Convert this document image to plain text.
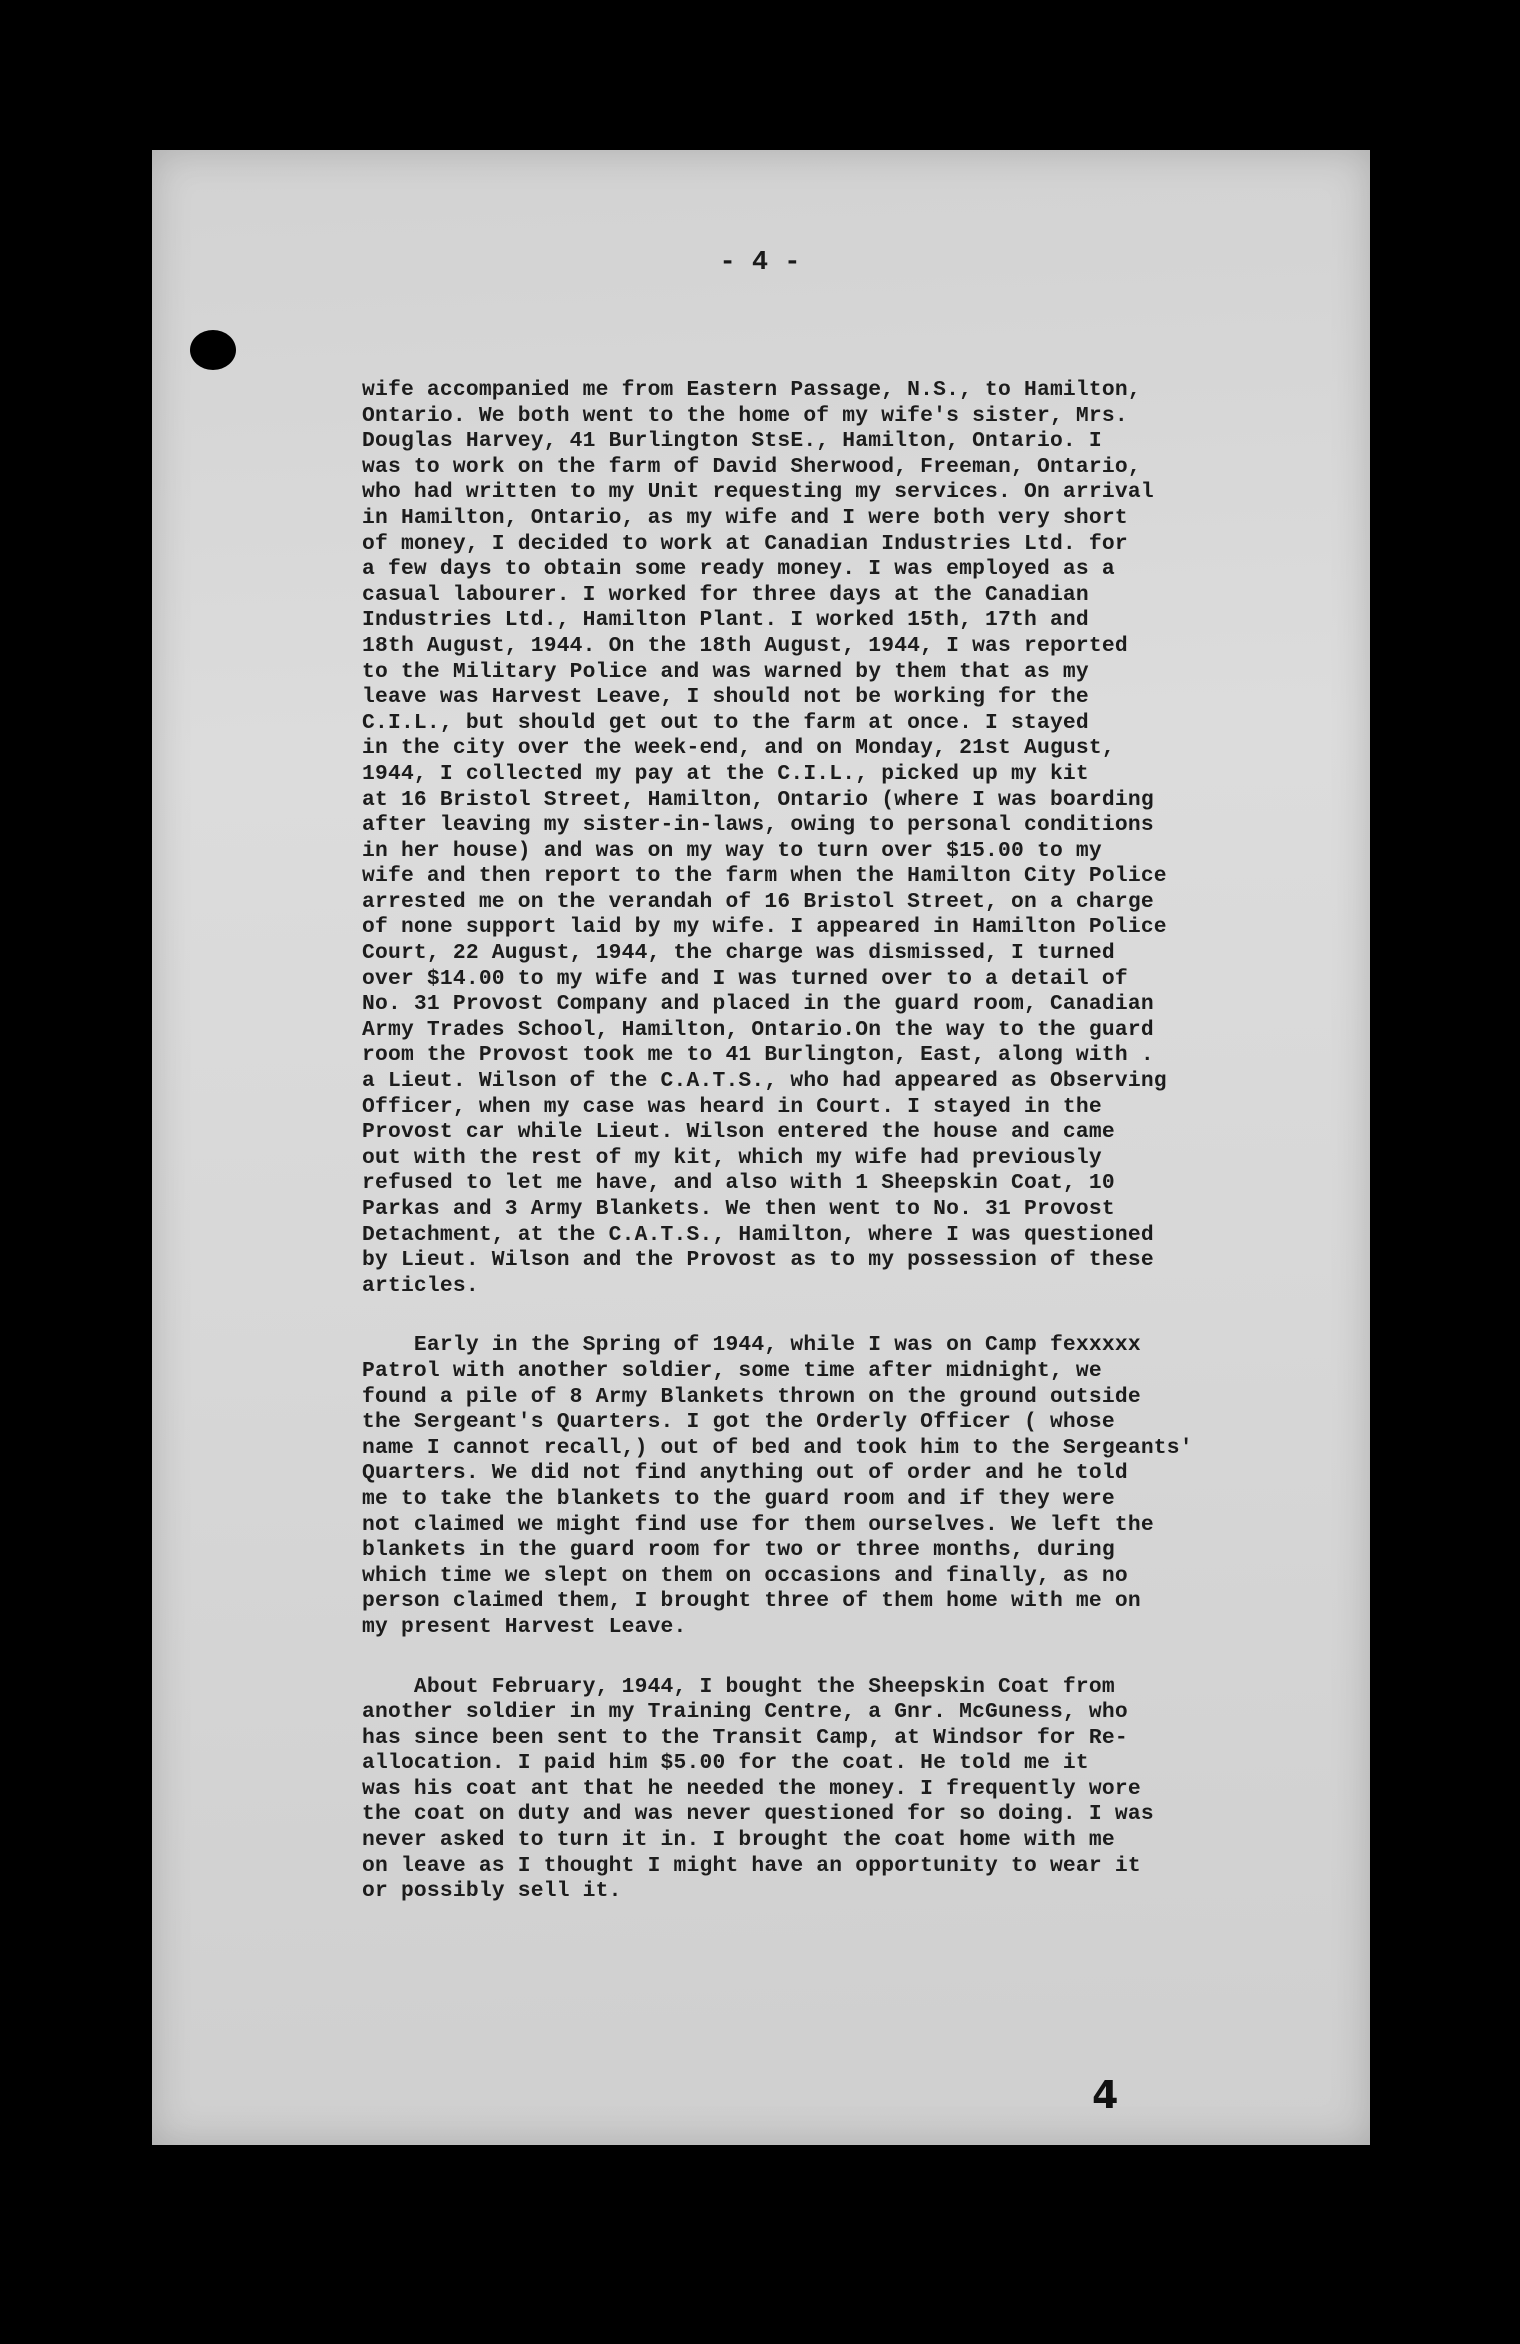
- 4 -
wife accompanied me from Eastern Passage, N.S., to Hamilton,
Ontario. We both went to the home of my wife's sister, Mrs.
Douglas Harvey, 41 Burlington StsE., Hamilton, Ontario. I
was to work on the farm of David Sherwood, Freeman, Ontario,
who had written to my Unit requesting my services. On arrival
in Hamilton, Ontario, as my wife and I were both very short
of money, I decided to work at Canadian Industries Ltd. for
a few days to obtain some ready money. I was employed as a
casual labourer. I worked for three days at the Canadian
Industries Ltd., Hamilton Plant. I worked 15th, 17th and
18th August, 1944. On the 18th August, 1944, I was reported
to the Military Police and was warned by them that as my
leave was Harvest Leave, I should not be working for the
C.I.L., but should get out to the farm at once. I stayed
in the city over the week-end, and on Monday, 21st August,
1944, I collected my pay at the C.I.L., picked up my kit
at 16 Bristol Street, Hamilton, Ontario (where I was boarding
after leaving my sister-in-laws, owing to personal conditions
in her house) and was on my way to turn over $15.00 to my
wife and then report to the farm when the Hamilton City Police
arrested me on the verandah of 16 Bristol Street, on a charge
of none support laid by my wife. I appeared in Hamilton Police
Court, 22 August, 1944, the charge was dismissed, I turned
over $14.00 to my wife and I was turned over to a detail of
No. 31 Provost Company and placed in the guard room, Canadian
Army Trades School, Hamilton, Ontario.On the way to the guard
room the Provost took me to 41 Burlington, East, along with .
a Lieut. Wilson of the C.A.T.S., who had appeared as Observing
Officer, when my case was heard in Court. I stayed in the
Provost car while Lieut. Wilson entered the house and came
out with the rest of my kit, which my wife had previously
refused to let me have, and also with 1 Sheepskin Coat, 10
Parkas and 3 Army Blankets. We then went to No. 31 Provost
Detachment, at the C.A.T.S., Hamilton, where I was questioned
by Lieut. Wilson and the Provost as to my possession of these
articles.
Early in the Spring of 1944, while I was on Camp fexxxxx
Patrol with another soldier, some time after midnight, we
found a pile of 8 Army Blankets thrown on the ground outside
the Sergeant's Quarters. I got the Orderly Officer ( whose
name I cannot recall,) out of bed and took him to the Sergeants'
Quarters. We did not find anything out of order and he told
me to take the blankets to the guard room and if they were
not claimed we might find use for them ourselves. We left the
blankets in the guard room for two or three months, during
which time we slept on them on occasions and finally, as no
person claimed them, I brought three of them home with me on
my present Harvest Leave.
About February, 1944, I bought the Sheepskin Coat from
another soldier in my Training Centre, a Gnr. McGuness, who
has since been sent to the Transit Camp, at Windsor for Re-
allocation. I paid him $5.00 for the coat. He told me it
was his coat ant that he needed the money. I frequently wore
the coat on duty and was never questioned for so doing. I was
never asked to turn it in. I brought the coat home with me
on leave as I thought I might have an opportunity to wear it
or possibly sell it.
4
